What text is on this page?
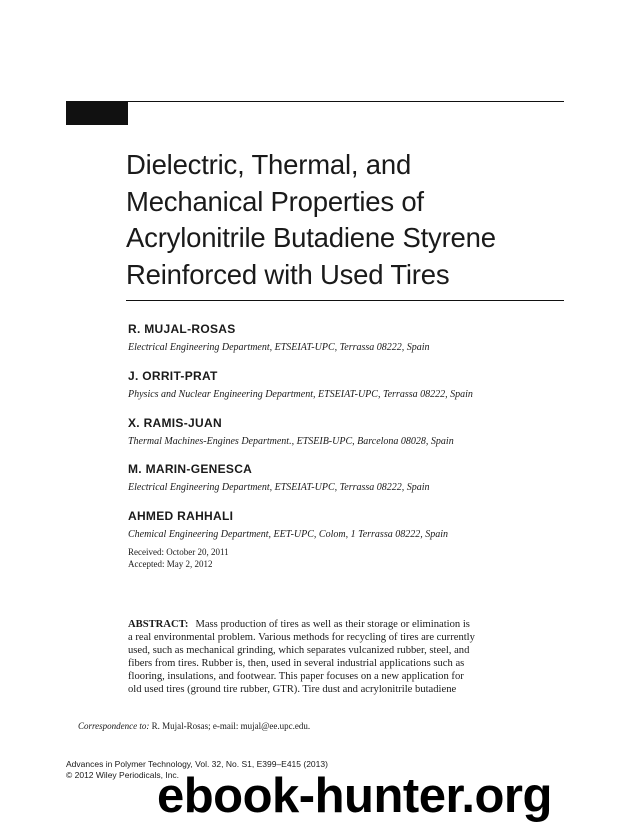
Dielectric, Thermal, and
Mechanical Properties of
Acrylonitrile Butadiene Styrene
Reinforced with Used Tires
R. MUJAL-ROSAS
Electrical Engineering Department, ETSEIAT-UPC, Terrassa 08222, Spain
J. ORRIT-PRAT
Physics and Nuclear Engineering Department, ETSEIAT-UPC, Terrassa 08222, Spain
X. RAMIS-JUAN
Thermal Machines-Engines Department., ETSEIB-UPC, Barcelona 08028, Spain
M. MARIN-GENESCA
Electrical Engineering Department, ETSEIAT-UPC, Terrassa 08222, Spain
AHMED RAHHALI
Chemical Engineering Department, EET-UPC, Colom, 1 Terrassa 08222, Spain
Received: October 20, 2011
Accepted: May 2, 2012
ABSTRACT: Mass production of tires as well as their storage or elimination is
a real environmental problem. Various methods for recycling of tires are currently
used, such as mechanical grinding, which separates vulcanized rubber, steel, and
fibers from tires. Rubber is, then, used in several industrial applications such as
flooring, insulations, and footwear. This paper focuses on a new application for
old used tires (ground tire rubber, GTR). Tire dust and acrylonitrile butadiene
Correspondence to: R. Mujal-Rosas; e-mail: mujal@ee.upc.edu.
Advances in Polymer Technology, Vol. 32, No. S1, E399–E415 (2013)
© 2012 Wiley Periodicals, Inc.
ebook-hunter.org
